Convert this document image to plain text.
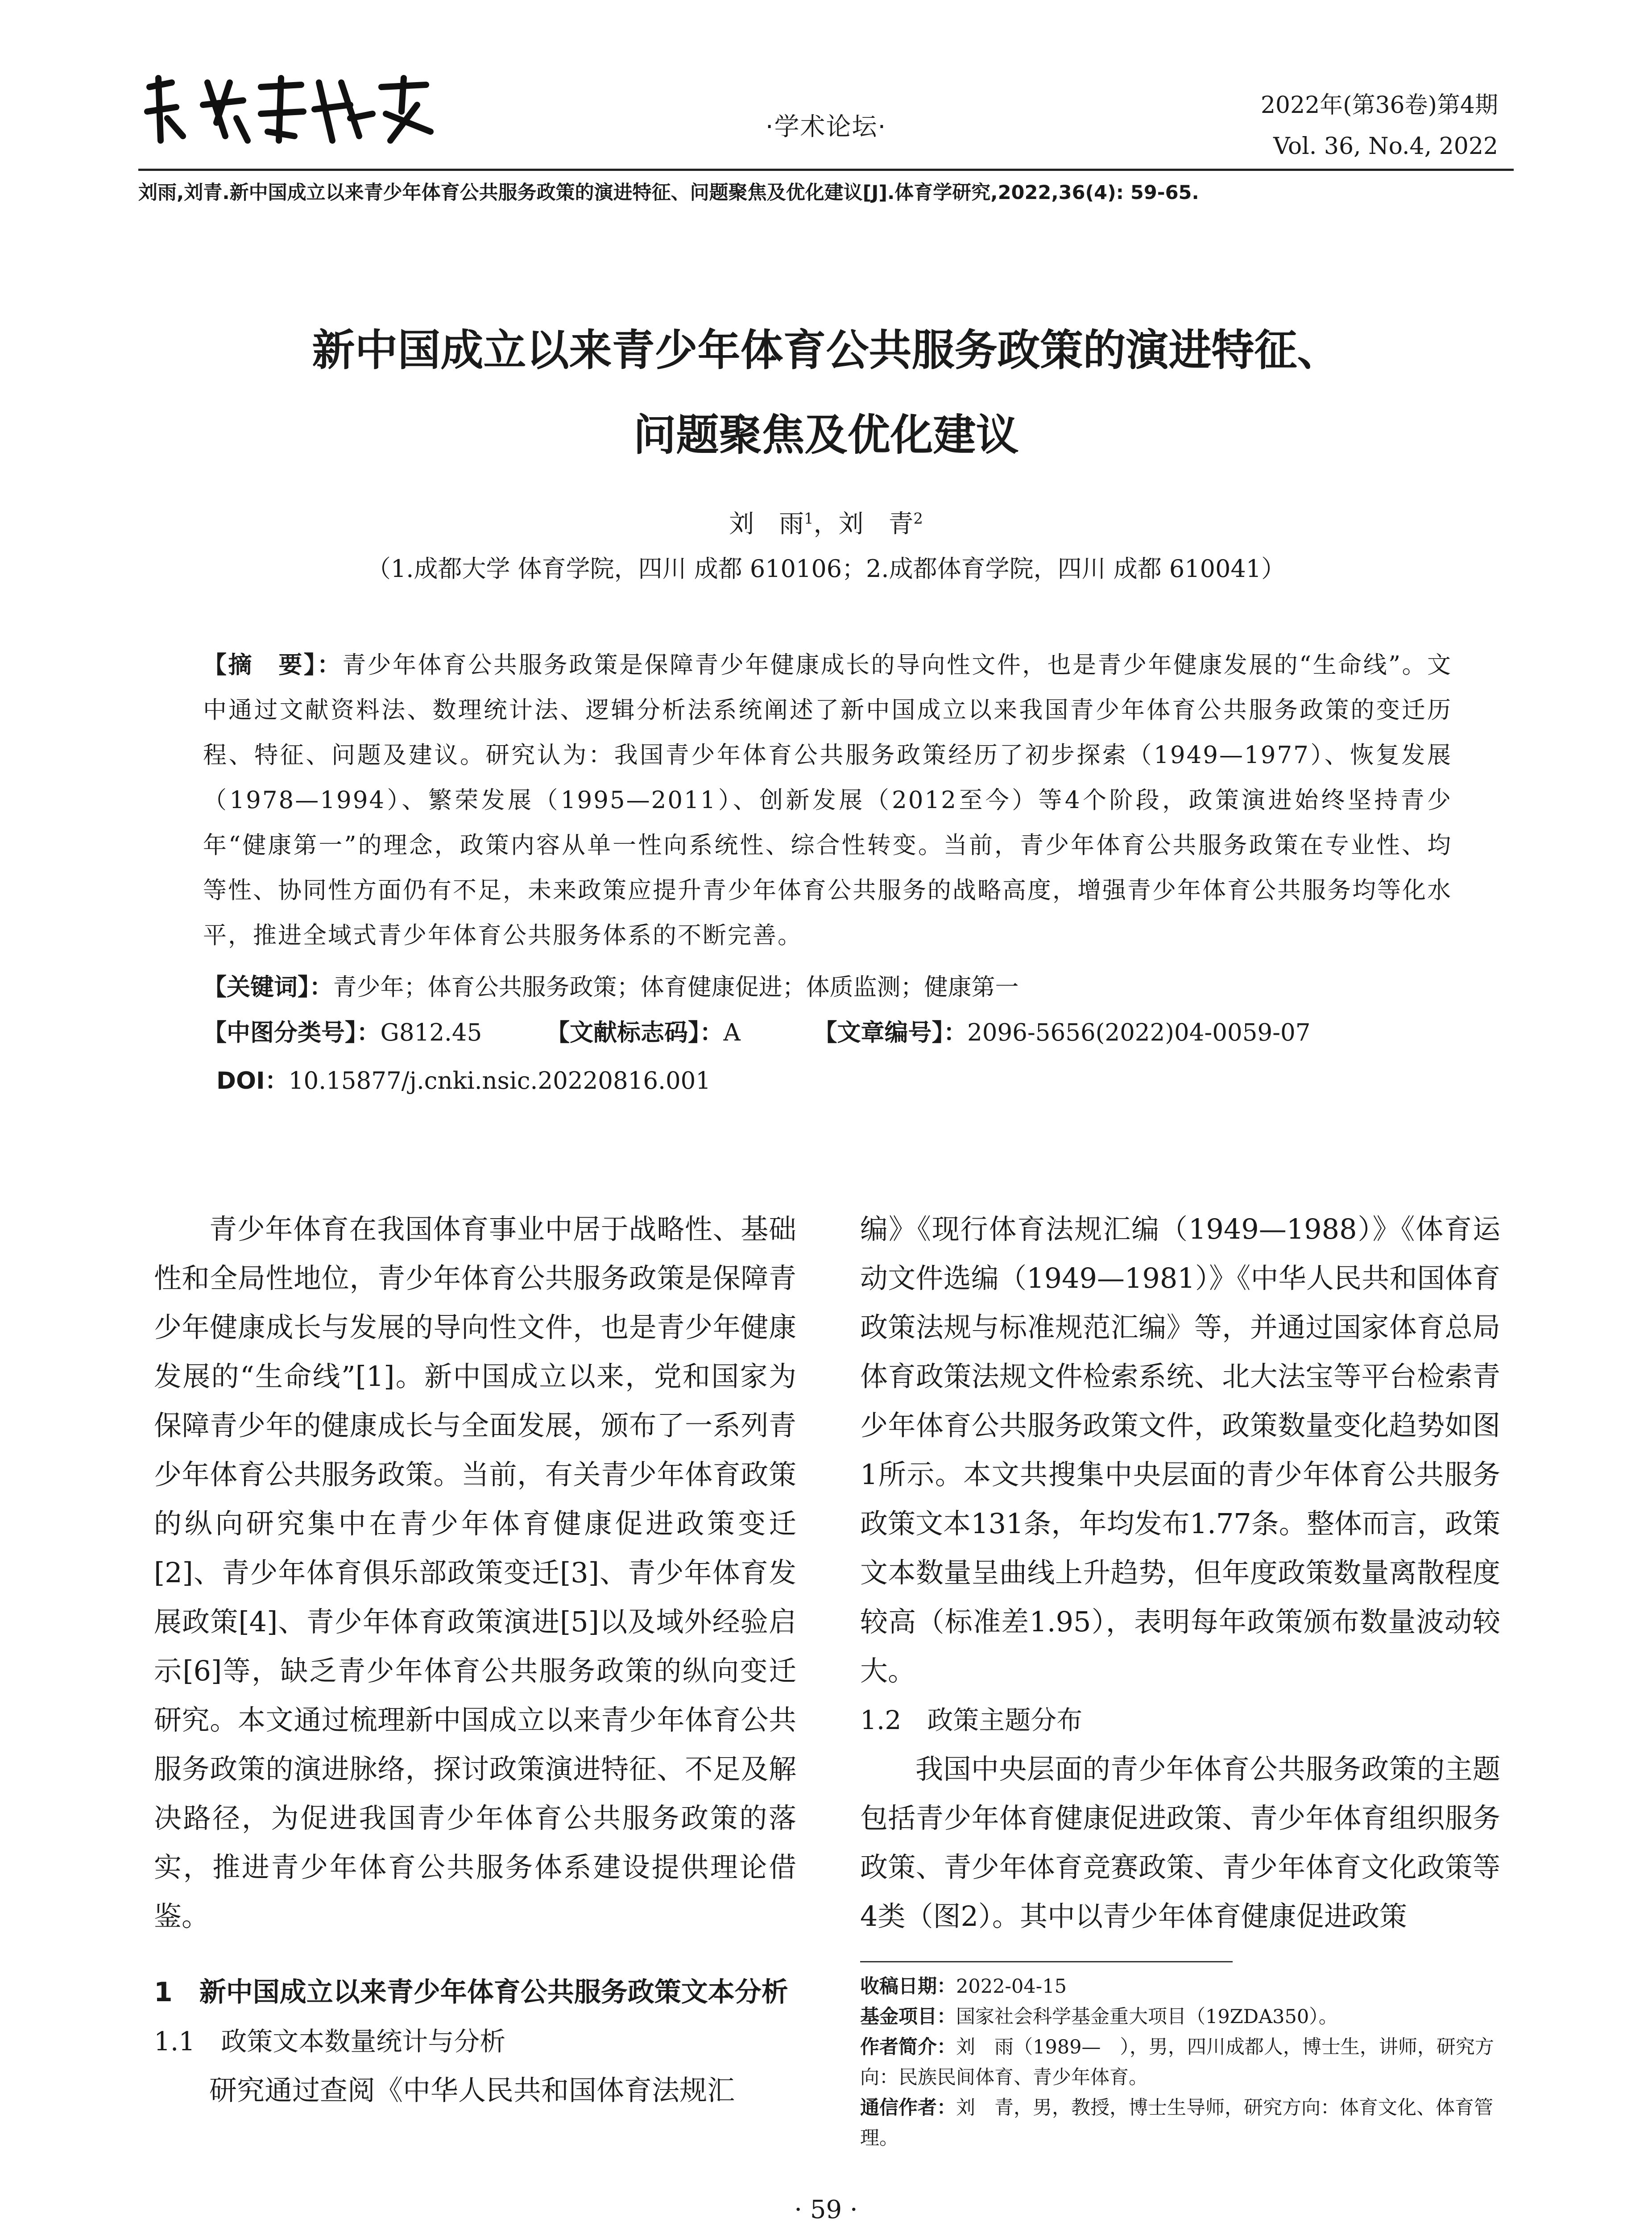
体育学研究
·学术论坛·
2022年(第36卷)第4期
Vol. 36, No.4, 2022
刘雨,刘青.新中国成立以来青少年体育公共服务政策的演进特征、问题聚焦及优化建议[J].体育学研究,2022,36(4): 59-65.
新中国成立以来青少年体育公共服务政策的演进特征、
问题聚焦及优化建议
刘　雨$^1$，刘　青$^2$
（1.成都大学 体育学院，四川 成都 610106；2.成都体育学院，四川 成都 610041）
【摘　要】：青少年体育公共服务政策是保障青少年健康成长的导向性文件，也是青少年健康发展的“生命线”。文中通过文献资料法、数理统计法、逻辑分析法系统阐述了新中国成立以来我国青少年体育公共服务政策的变迁历程、特征、问题及建议。研究认为：我国青少年体育公共服务政策经历了初步探索（1949—1977）、恢复发展（1978—1994）、繁荣发展（1995—2011）、创新发展（2012至今）等4个阶段，政策演进始终坚持青少年“健康第一”的理念，政策内容从单一性向系统性、综合性转变。当前，青少年体育公共服务政策在专业性、均等性、协同性方面仍有不足，未来政策应提升青少年体育公共服务的战略高度，增强青少年体育公共服务均等化水平，推进全域式青少年体育公共服务体系的不断完善。
【关键词】：青少年；体育公共服务政策；体育健康促进；体质监测；健康第一
【中图分类号】：G812.45	【文献标志码】：A	【文章编号】：2096-5656(2022)04-0059-07
DOI：10.15877/j.cnki.nsic.20220816.001

青少年体育在我国体育事业中居于战略性、基础性和全局性地位，青少年体育公共服务政策是保障青少年健康成长与发展的导向性文件，也是青少年健康发展的“生命线”[1]。新中国成立以来，党和国家为保障青少年的健康成长与全面发展，颁布了一系列青少年体育公共服务政策。当前，有关青少年体育政策的纵向研究集中在青少年体育健康促进政策变迁[2]、青少年体育俱乐部政策变迁[3]、青少年体育发展政策[4]、青少年体育政策演进[5]以及域外经验启示[6]等，缺乏青少年体育公共服务政策的纵向变迁研究。本文通过梳理新中国成立以来青少年体育公共服务政策的演进脉络，探讨政策演进特征、不足及解决路径，为促进我国青少年体育公共服务政策的落实，推进青少年体育公共服务体系建设提供理论借鉴。

1　新中国成立以来青少年体育公共服务政策文本分析
1.1　政策文本数量统计与分析

研究通过查阅《中华人民共和国体育法规汇

编》《现行体育法规汇编（1949—1988）》《体育运动文件选编（1949—1981）》《中华人民共和国体育政策法规与标准规范汇编》等，并通过国家体育总局体育政策法规文件检索系统、北大法宝等平台检索青少年体育公共服务政策文件，政策数量变化趋势如图1所示。本文共搜集中央层面的青少年体育公共服务政策文本131条，年均发布1.77条。整体而言，政策文本数量呈曲线上升趋势，但年度政策数量离散程度较高（标准差1.95），表明每年政策颁布数量波动较大。

1.2　政策主题分布

我国中央层面的青少年体育公共服务政策的主题包括青少年体育健康促进政策、青少年体育组织服务政策、青少年体育竞赛政策、青少年体育文化政策等4类（图2）。其中以青少年体育健康促进政策

收稿日期：2022-04-15

基金项目：国家社会科学基金重大项目（19ZDA350）。

作者简介：刘　雨（1989—　），男，四川成都人，博士生，讲师，研究方向：民族民间体育、青少年体育。

通信作者：刘　青，男，教授，博士生导师，研究方向：体育文化、体育管理。

· 59 ·
